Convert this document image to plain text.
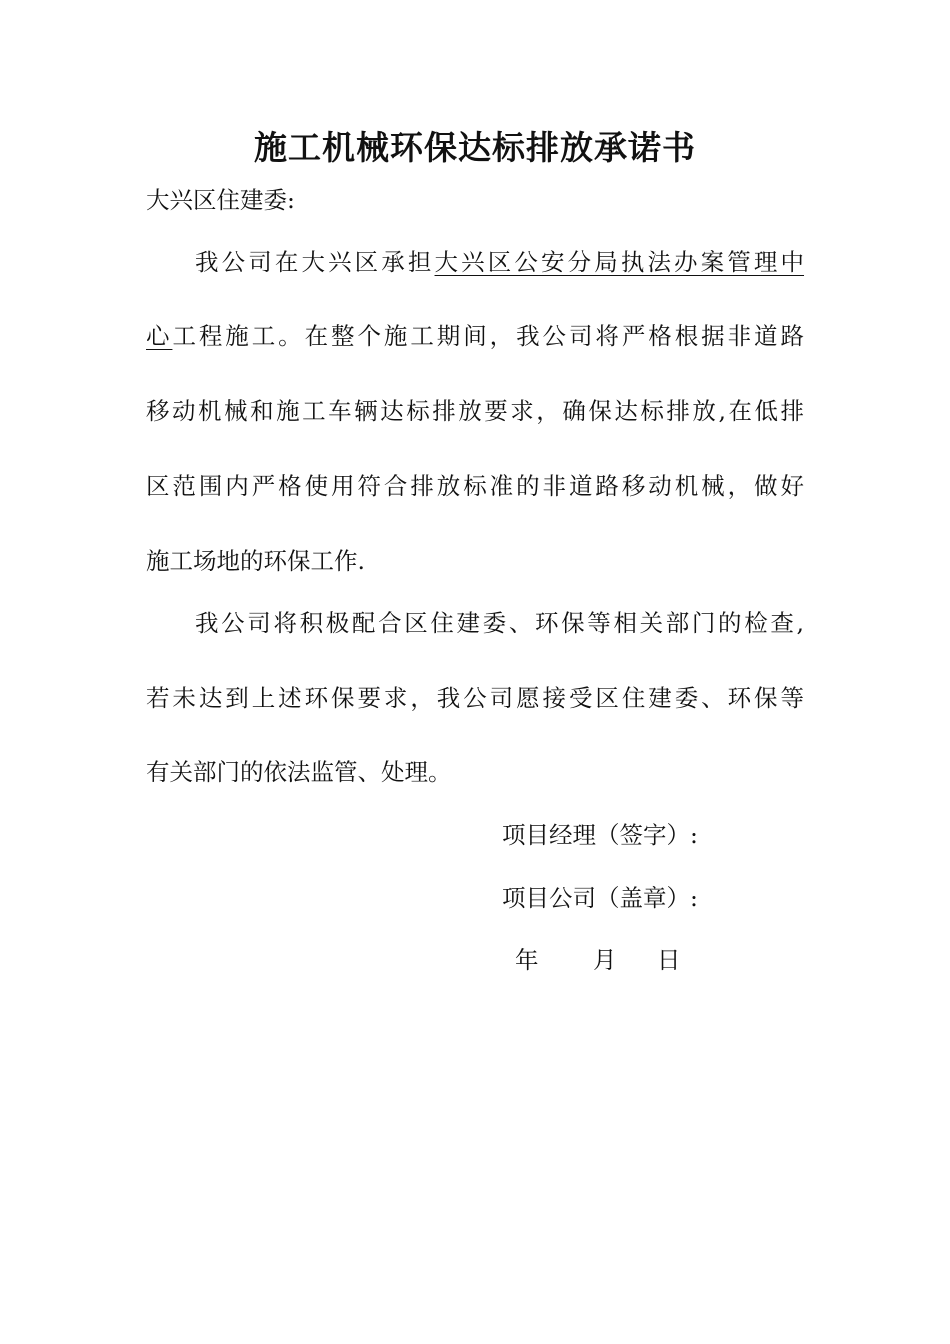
施工机械环保达标排放承诺书
大兴区住建委:
我公司在大兴区承担大兴区公安分局执法办案管理中
心工程施工。在整个施工期间，我公司将严格根据非道路
移动机械和施工车辆达标排放要求，确保达标排放,在低排
区范围内严格使用符合排放标准的非道路移动机械，做好
施工场地的环保工作.
我公司将积极配合区住建委、环保等相关部门的检查,
若未达到上述环保要求，我公司愿接受区住建委、环保等
有关部门的依法监管、处理。
项目经理（签字）:
项目公司（盖章）:
年 月 日
